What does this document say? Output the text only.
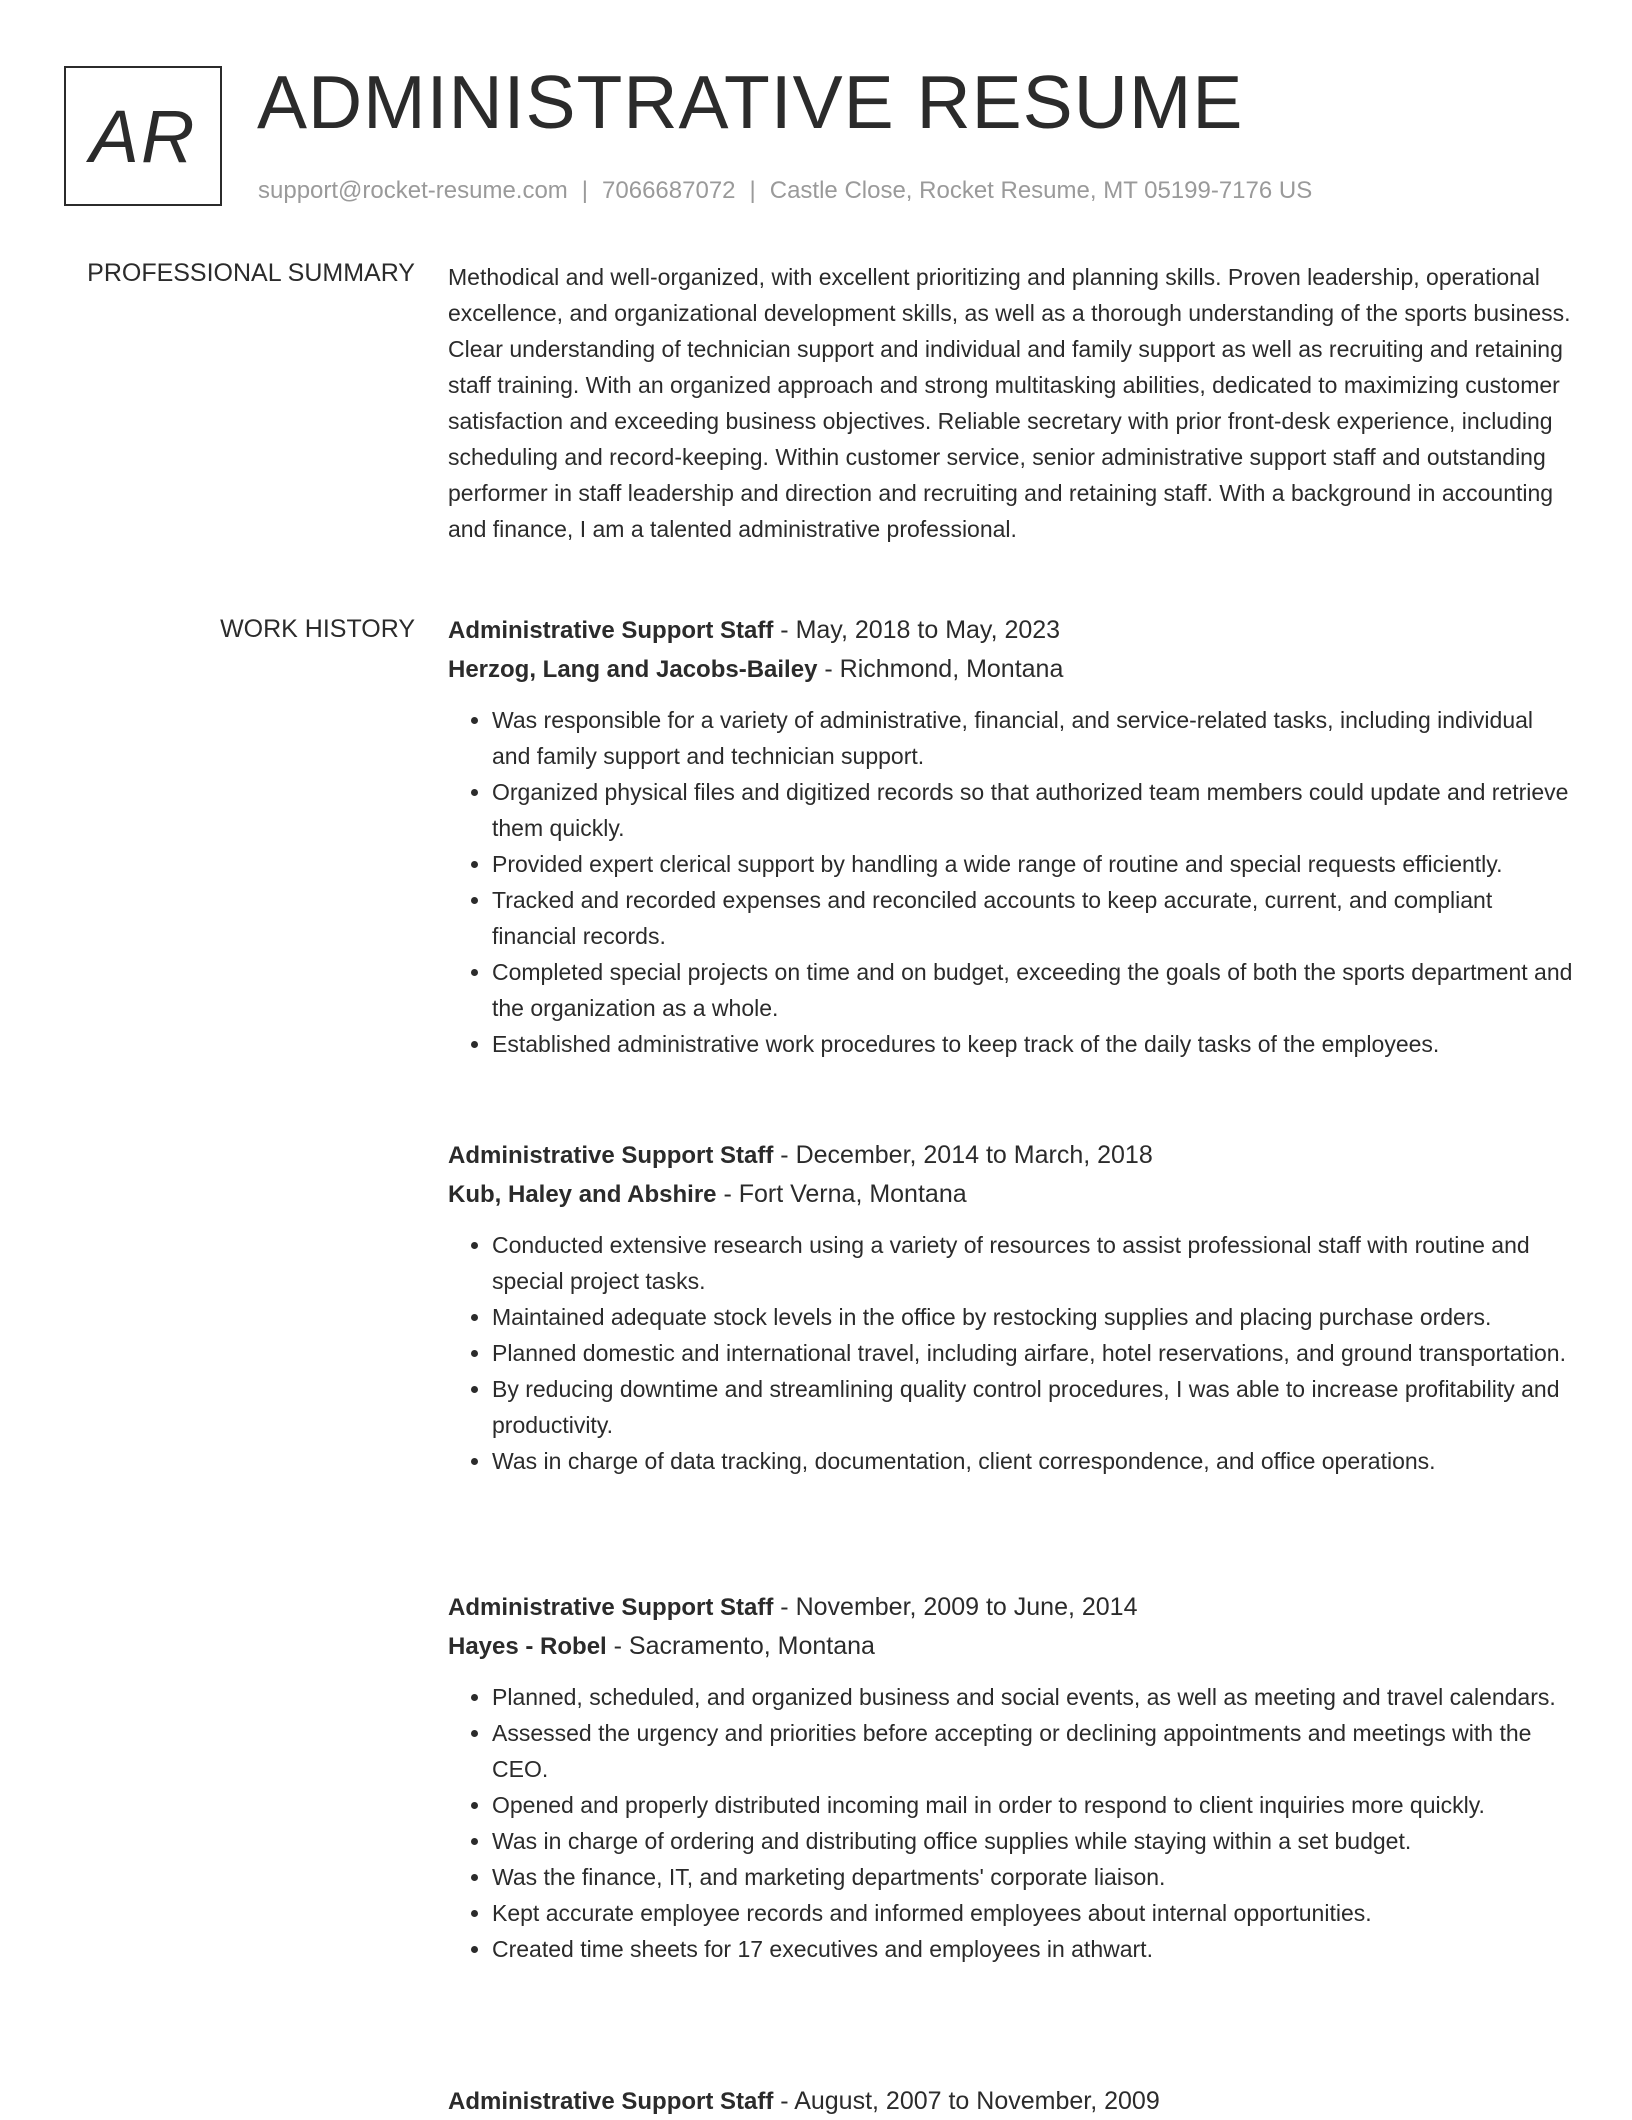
AR ADMINISTRATIVE RESUME
support@rocket-resume.com | 7066687072 | Castle Close, Rocket Resume, MT 05199-7176 US
PROFESSIONAL SUMMARY Methodical and well-organized, with excellent prioritizing and planning skills. Proven leadership, operational excellence, and organizational development skills, as well as a thorough understanding of the sports business. Clear understanding of technician support and individual and family support as well as recruiting and retaining staff training. With an organized approach and strong multitasking abilities, dedicated to maximizing customer satisfaction and exceeding business objectives. Reliable secretary with prior front-desk experience, including scheduling and record-keeping. Within customer service, senior administrative support staff and outstanding performer in staff leadership and direction and recruiting and retaining staff. With a background in accounting and finance, I am a talented administrative professional.
WORK HISTORY Administrative Support Staff - May, 2018 to May, 2023
Herzog, Lang and Jacobs-Bailey - Richmond, Montana
• Was responsible for a variety of administrative, financial, and service-related tasks, including individual and family support and technician support.
• Organized physical files and digitized records so that authorized team members could update and retrieve them quickly.
• Provided expert clerical support by handling a wide range of routine and special requests efficiently.
• Tracked and recorded expenses and reconciled accounts to keep accurate, current, and compliant financial records.
• Completed special projects on time and on budget, exceeding the goals of both the sports department and the organization as a whole.
• Established administrative work procedures to keep track of the daily tasks of the employees.
Administrative Support Staff - December, 2014 to March, 2018
Kub, Haley and Abshire - Fort Verna, Montana
• Conducted extensive research using a variety of resources to assist professional staff with routine and special project tasks.
• Maintained adequate stock levels in the office by restocking supplies and placing purchase orders.
• Planned domestic and international travel, including airfare, hotel reservations, and ground transportation.
• By reducing downtime and streamlining quality control procedures, I was able to increase profitability and productivity.
• Was in charge of data tracking, documentation, client correspondence, and office operations.
Administrative Support Staff - November, 2009 to June, 2014
Hayes - Robel - Sacramento, Montana
• Planned, scheduled, and organized business and social events, as well as meeting and travel calendars.
• Assessed the urgency and priorities before accepting or declining appointments and meetings with the CEO.
• Opened and properly distributed incoming mail in order to respond to client inquiries more quickly.
• Was in charge of ordering and distributing office supplies while staying within a set budget.
• Was the finance, IT, and marketing departments' corporate liaison.
• Kept accurate employee records and informed employees about internal opportunities.
• Created time sheets for 17 executives and employees in athwart.
Administrative Support Staff - August, 2007 to November, 2009
